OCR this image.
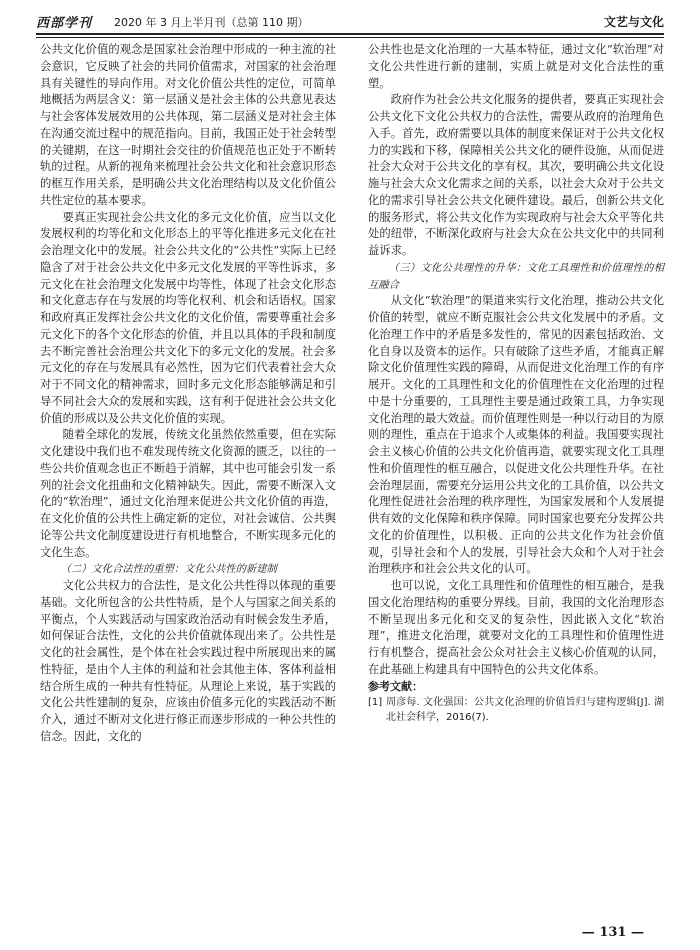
西部学刊 2020 年 3 月上半月刊（总第 110 期）	文艺与文化

公共文化价值的观念是国家社会治理中形成的一种主流的社会意识，它反映了社会的共同价值需求，对国家的社会治理具有关键性的导向作用。对文化价值公共性的定位，可简单地概括为两层含义：第一层涵义是社会主体的公共意见表达与社会客体发展效用的公共体现，第二层涵义是对社会主体在沟通交流过程中的规范指向。目前，我国正处于社会转型的关键期，在这一时期社会交往的价值规范也正处于不断转轨的过程。从新的视角来梳理社会公共文化和社会意识形态的框互作用关系，是明确公共文化治理结构以及文化价值公共性定位的基本要求。

要真正实现社会公共文化的多元文化价值，应当以文化发展权利的均等化和文化形态上的平等化推进多元文化在社会治理文化中的发展。社会公共文化的“公共性”实际上已经隐含了对于社会公共文化中多元文化发展的平等性诉求，多元文化在社会治理文化发展中均等性，体现了社会文化形态和文化意志存在与发展的均等化权利、机会和话语权。国家和政府真正发挥社会公共文化的文化价值，需要尊重社会多元文化下的各个文化形态的价值，并且以具体的手段和制度去不断完善社会治理公共文化下的多元文化的发展。社会多元文化的存在与发展具有必然性，因为它们代表着社会大众对于不同文化的精神需求，回时多元文化形态能够满足和引导不同社会大众的发展和实践，这有利于促进社会公共文化价值的形成以及公共文化价值的实现。

随着全球化的发展，传统文化虽然依然重要，但在实际文化建设中我们也不难发现传统文化资源的匮乏，以往的一些公共价值观念也正不断趋于消解，其中也可能会引发一系列的社会文化扭曲和文化精神缺失。因此，需要不断深入文化的“软治理”，通过文化治理来促进公共文化价值的再造，在文化价值的公共性上确定新的定位，对社会诚信、公共舆论等公共文化制度建设进行有机地整合，不断实现多元化的文化生态。

（二）文化合法性的重塑：文化公共性的新建制

文化公共权力的合法性，是文化公共性得以体现的重要基础。文化所包含的公共性特质，是个人与国家之间关系的平衡点，个人实践活动与国家政治活动有时候会发生矛盾，如何保证合法性，文化的公共价值就体现出来了。公共性是文化的社会属性，是个体在社会实践过程中所展现出来的属性特征，是由个人主体的利益和社会其他主体、客体利益相结合所生成的一种共有性特征。从理论上来说，基于实践的文化公共性建制的复杂，应该由价值多元化的实践活动不断介入，通过不断对文化进行修正而逐步形成的一种公共性的信念。因此，文化的

公共性也是文化治理的一大基本特征，通过文化“软治理”对文化公共性进行新的建制，实质上就是对文化合法性的重塑。

政府作为社会公共文化服务的提供者，要真正实现社会公共文化下文化公共权力的合法性，需要从政府的治理角色入手。首先，政府需要以具体的制度来保证对于公共文化权力的实践和下移，保障相关公共文化的硬件设施，从而促进社会大众对于公共文化的享有权。其次，要明确公共文化设施与社会大众文化需求之间的关系，以社会大众对于公共文化的需求引导社会公共文化硬件建设。最后，创新公共文化的服务形式，将公共文化作为实现政府与社会大众平等化共处的纽带，不断深化政府与社会大众在公共文化中的共同利益诉求。

（三）文化公共理性的升华：文化工具理性和价值理性的相互融合

从文化“软治理”的渠道来实行文化治理，推动公共文化价值的转型，就应不断克服社会公共文化发展中的矛盾。文化治理工作中的矛盾是多发性的，常见的因素包括政治、文化自身以及资本的运作。只有破除了这些矛盾，才能真正解除文化价值理性实践的障碍，从而促进文化治理工作的有序展开。文化的工具理性和文化的价值理性在文化治理的过程中是十分重要的，工具理性主要是通过政策工具，力争实现文化治理的最大效益。而价值理性则是一种以行动目的为原则的理性，重点在于追求个人或集体的利益。我国要实现社会主义核心价值的公共文化价值再造，就要实现文化工具理性和价值理性的框互融合，以促进文化公共理性升华。在社会治理层面，需要充分运用公共文化的工具价值，以公共文化理性促进社会治理的秩序理性，为国家发展和个人发展提供有效的文化保障和秩序保障。同时国家也要充分发挥公共文化的价值理性，以积极、正向的公共文化作为社会价值观，引导社会和个人的发展，引导社会大众和个人对于社会治理秩序和社会公共文化的认可。

也可以说，文化工具理性和价值理性的相互融合，是我国文化治理结构的重要分界线。目前，我国的文化治理形态不断呈现出多元化和交叉的复杂性，因此嵌入文化“软治理”，推进文化治理，就要对文化的工具理性和价值理性进行有机整合，提高社会公众对社会主义核心价值观的认同，在此基础上构建具有中国特色的公共文化体系。

参考文献：

[1] 周彦每. 文化强国：公共文化治理的价值旨归与建构逻辑[J]. 湖北社会科学，2016(7).

— 131 —
